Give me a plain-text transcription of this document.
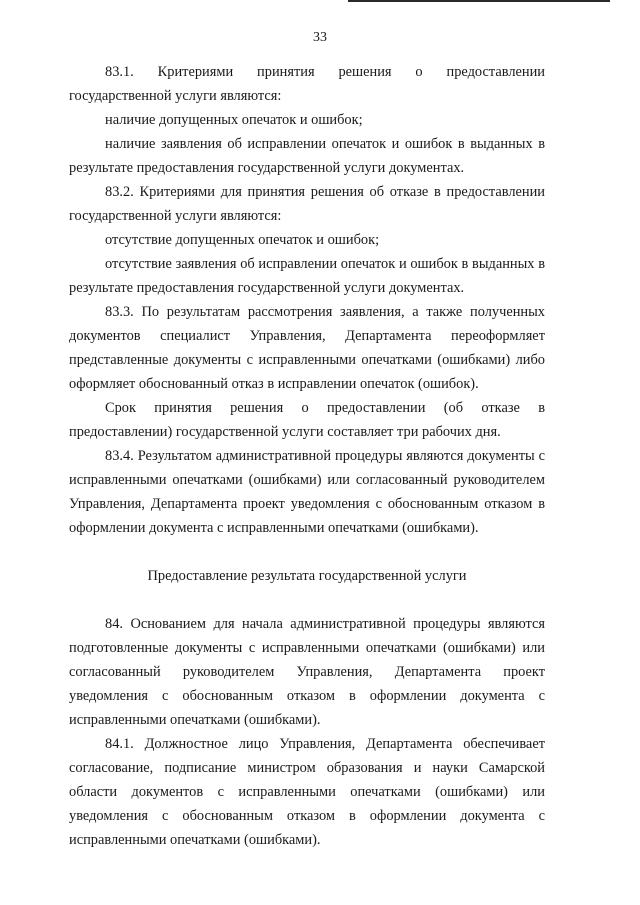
33

83.1. Критериями принятия решения о предоставлении государственной услуги являются:

наличие допущенных опечаток и ошибок;

наличие заявления об исправлении опечаток и ошибок в выданных в результате предоставления государственной услуги документах.

83.2. Критериями для принятия решения об отказе в предоставлении государственной услуги являются:

отсутствие допущенных опечаток и ошибок;

отсутствие заявления об исправлении опечаток и ошибок в выданных в результате предоставления государственной услуги документах.

83.3. По результатам рассмотрения заявления, а также полученных документов специалист Управления, Департамента переоформляет представленные документы с исправленными опечатками (ошибками) либо оформляет обоснованный отказ в исправлении опечаток (ошибок).

Срок принятия решения о предоставлении (об отказе в предоставлении) государственной услуги составляет три рабочих дня.

83.4. Результатом административной процедуры являются документы с исправленными опечатками (ошибками) или согласованный руководителем Управления, Департамента проект уведомления с обоснованным отказом в оформлении документа с исправленными опечатками (ошибками).

Предоставление результата государственной услуги

84. Основанием для начала административной процедуры являются подготовленные документы с исправленными опечатками (ошибками) или согласованный руководителем Управления, Департамента проект уведомления с обоснованным отказом в оформлении документа с исправленными опечатками (ошибками).

84.1. Должностное лицо Управления, Департамента обеспечивает согласование, подписание министром образования и науки Самарской области документов с исправленными опечатками (ошибками) или уведомления с обоснованным отказом в оформлении документа с исправленными опечатками (ошибками).
